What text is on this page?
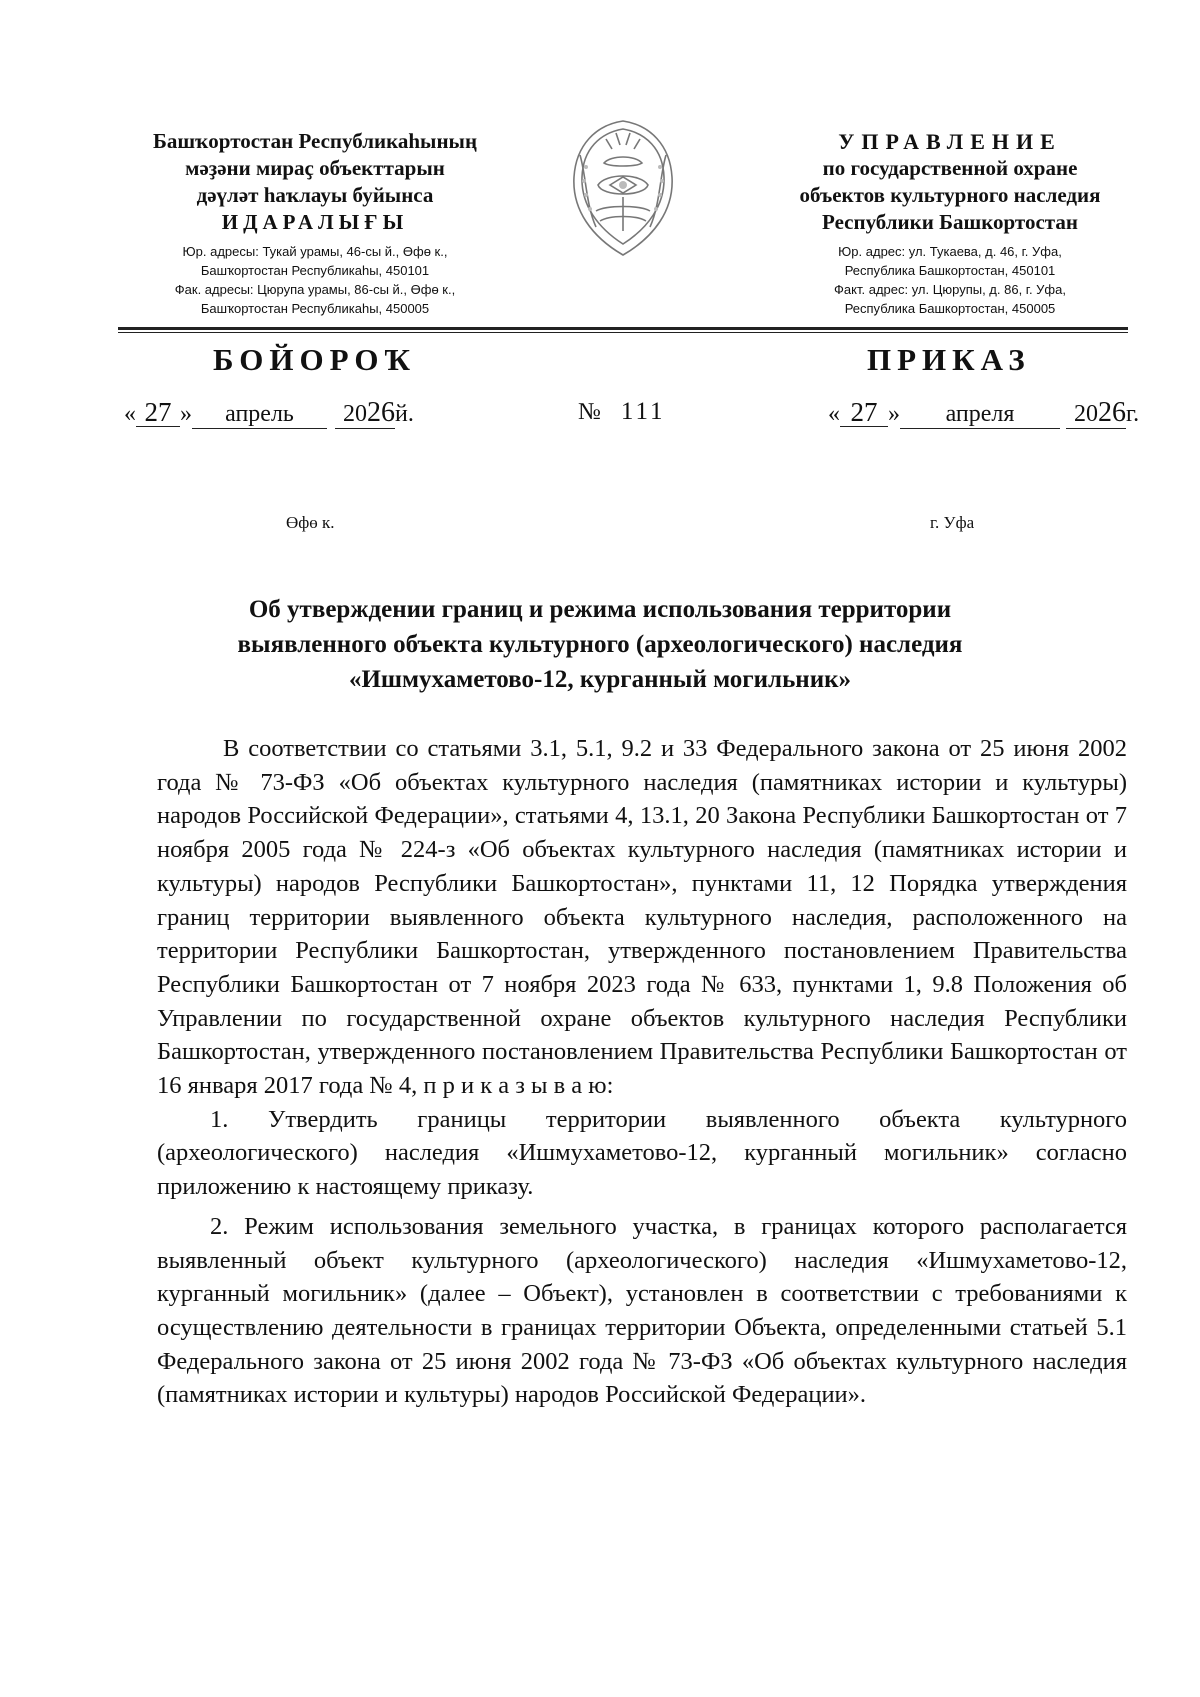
Башҡортостан Республикаһының
мәҙәни мираҫ объекттарын
дәүләт һаҡлауы буйынса
ИДАРАЛЫҒЫ
Юр. адресы: Тукай урамы, 46-сы й., Өфө к.,
Башҡортостан Республикаһы, 450101
Фак. адресы: Цюрупа урамы, 86-сы й., Өфө к.,
Башҡортостан Республикаһы, 450005
УПРАВЛЕНИЕ
по государственной охране
объектов культурного наследия
Республики Башкортостан
Юр. адрес: ул. Тукаева, д. 46, г. Уфа,
Республика Башкортостан, 450101
Факт. адрес: ул. Цюрупы, д. 86, г. Уфа,
Республика Башкортостан, 450005
БОЙОРОҠ	ПРИКАЗ
« 27 » апрель 2026й.	№ 111	« 27 » апреля 2026г.
Өфө к.	г. Уфа
Об утверждении границ и режима использования территории
выявленного объекта культурного (археологического) наследия
«Ишмухаметово-12, курганный могильник»

В соответствии со статьями 3.1, 5.1, 9.2 и 33 Федерального закона от 25 июня 2002 года № 73-ФЗ «Об объектах культурного наследия (памятниках истории и культуры) народов Российской Федерации», статьями 4, 13.1, 20 Закона Республики Башкортостан от 7 ноября 2005 года № 224-з «Об объектах культурного наследия (памятниках истории и культуры) народов Республики Башкортостан», пунктами 11, 12 Порядка утверждения границ территории выявленного объекта культурного наследия, расположенного на территории Республики Башкортостан, утвержденного постановлением Правительства Республики Башкортостан от 7 ноября 2023 года № 633, пунктами 1, 9.8 Положения об Управлении по государственной охране объектов культурного наследия Республики Башкортостан, утвержденного постановлением Правительства Республики Башкортостан от 16 января 2017 года № 4, п р и к а з ы в а ю:

1. Утвердить границы территории выявленного объекта культурного (археологического) наследия «Ишмухаметово-12, курганный могильник» согласно приложению к настоящему приказу.

2. Режим использования земельного участка, в границах которого располагается выявленный объект культурного (археологического) наследия «Ишмухаметово-12, курганный могильник» (далее – Объект), установлен в соответствии с требованиями к осуществлению деятельности в границах территории Объекта, определенными статьей 5.1 Федерального закона от 25 июня 2002 года № 73-ФЗ «Об объектах культурного наследия (памятниках истории и культуры) народов Российской Федерации».
